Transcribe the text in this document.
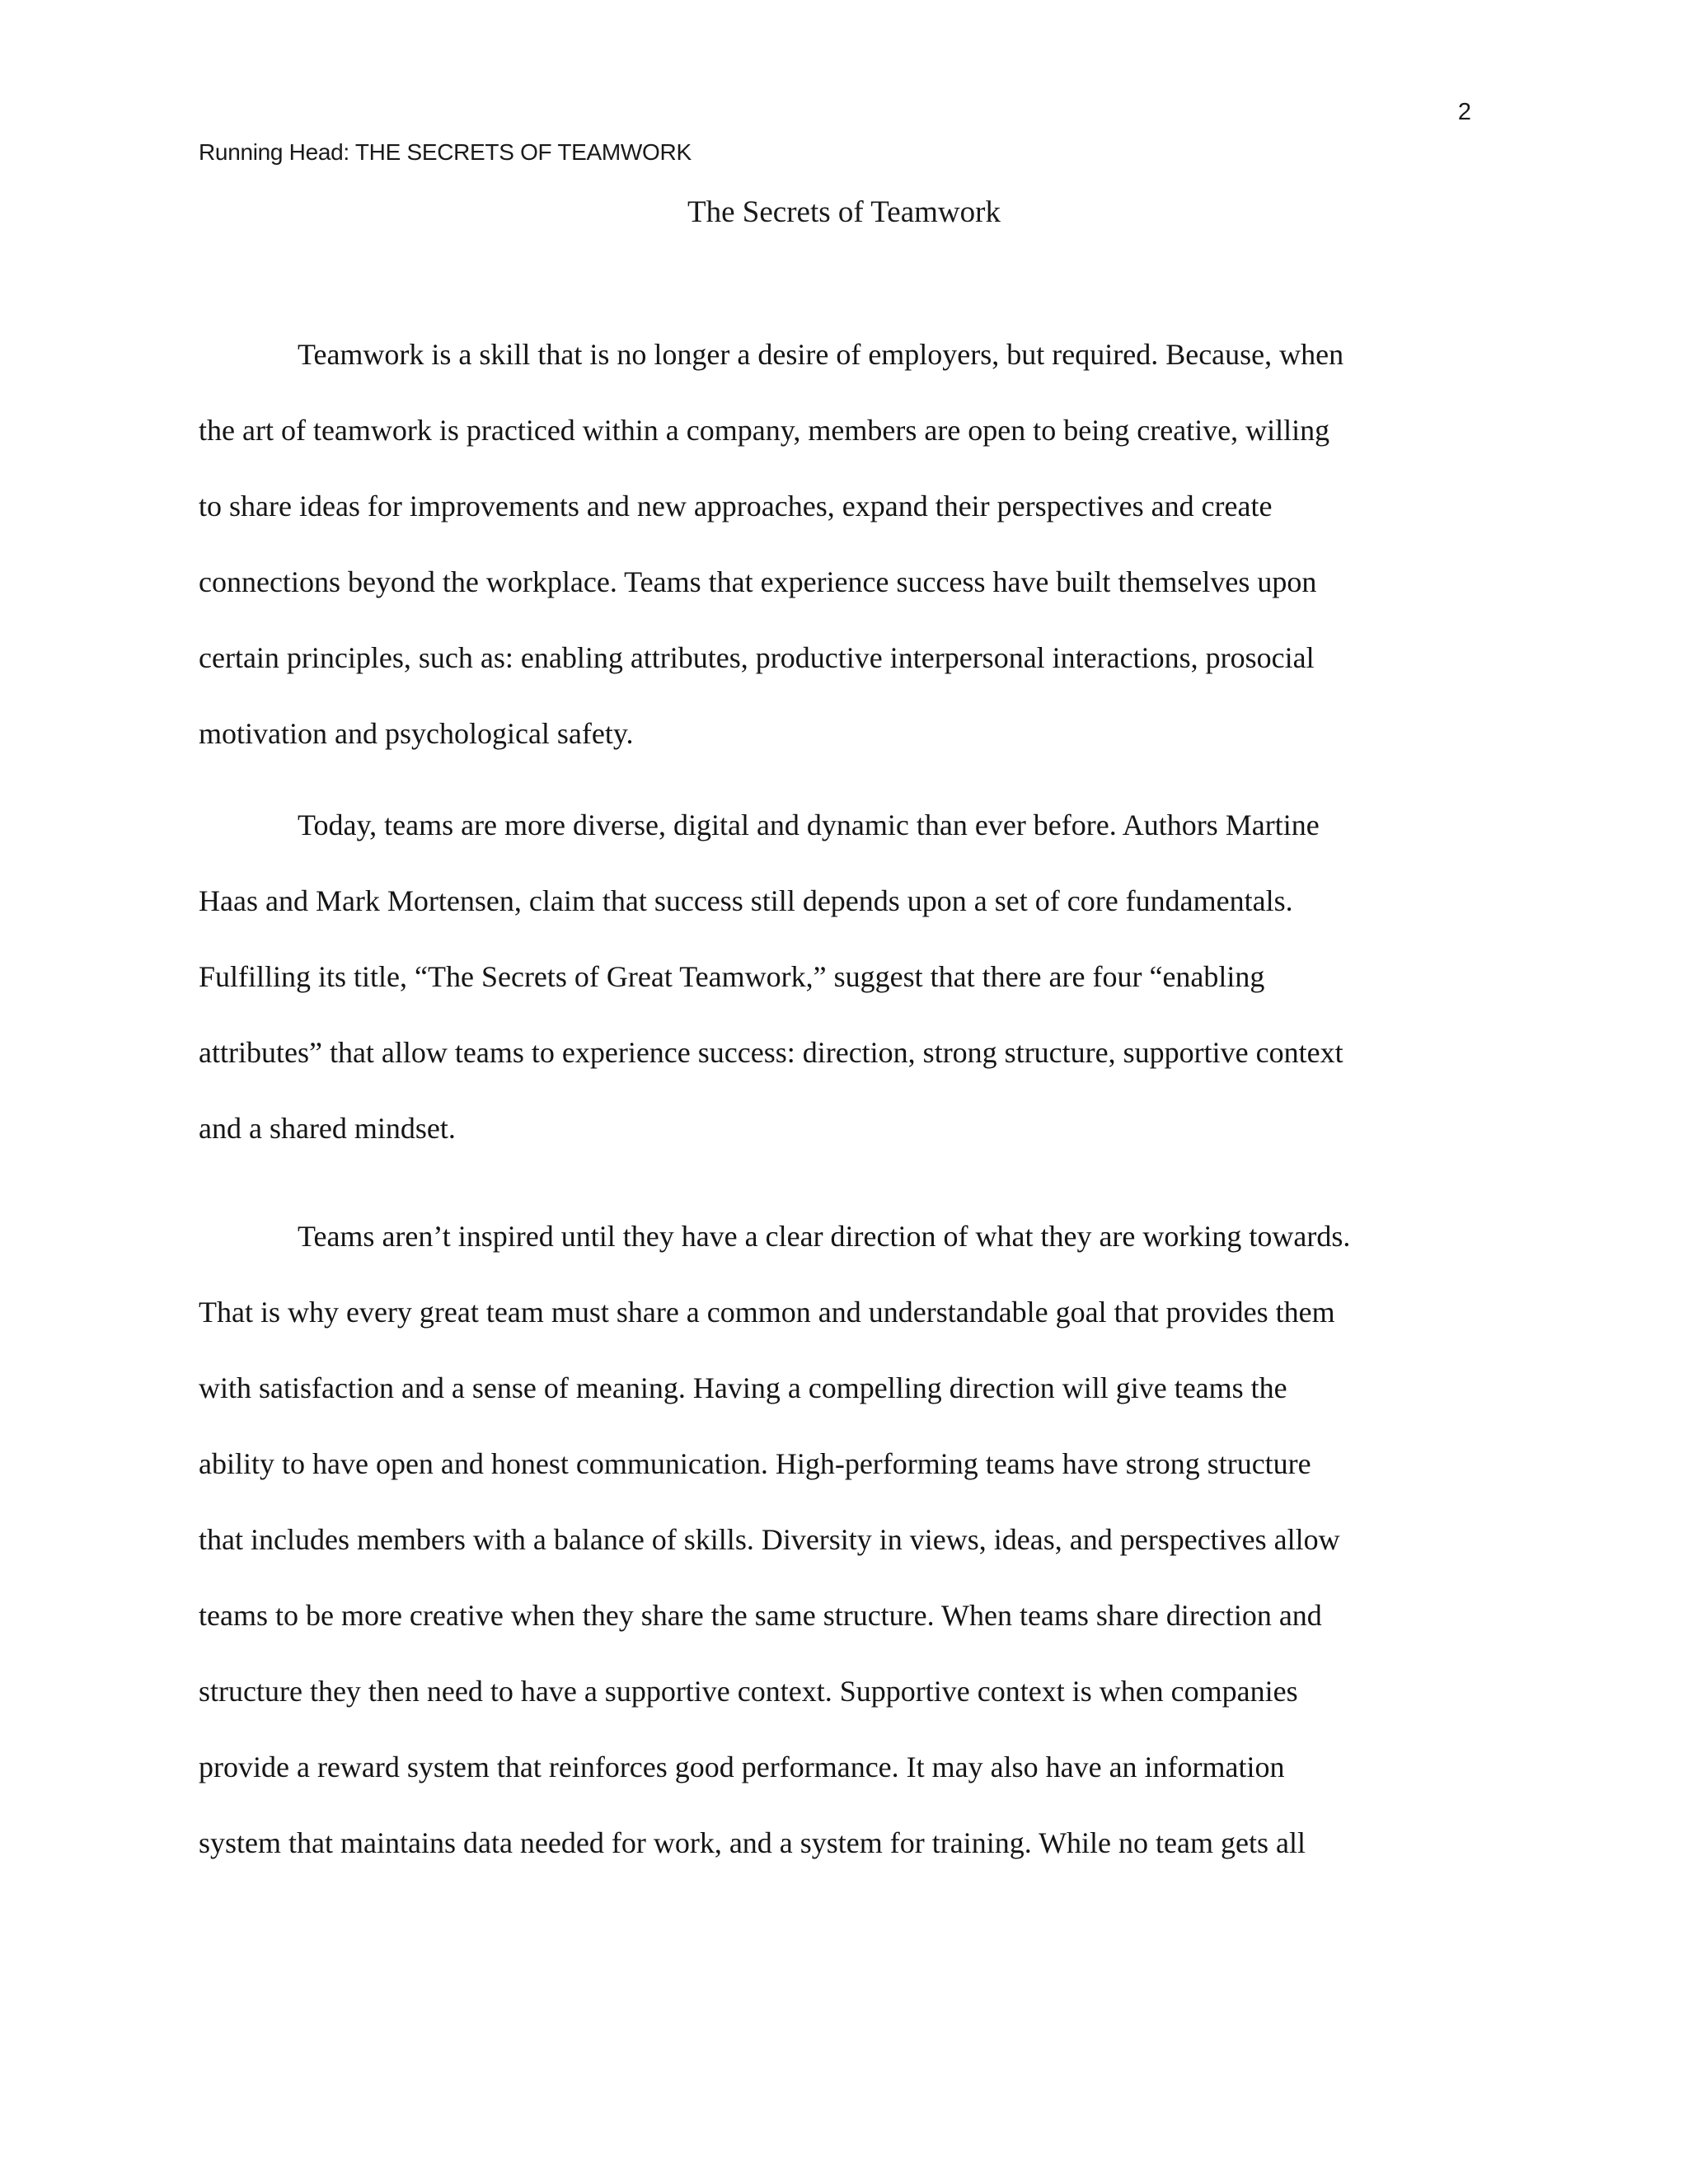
2
Running Head: THE SECRETS OF TEAMWORK
The Secrets of Teamwork
Teamwork is a skill that is no longer a desire of employers, but required. Because, when
the art of teamwork is practiced within a company, members are open to being creative, willing
to share ideas for improvements and new approaches, expand their perspectives and create
connections beyond the workplace. Teams that experience success have built themselves upon
certain principles, such as: enabling attributes, productive interpersonal interactions, prosocial
motivation and psychological safety.
Today, teams are more diverse, digital and dynamic than ever before. Authors Martine
Haas and Mark Mortensen, claim that success still depends upon a set of core fundamentals.
Fulfilling its title, “The Secrets of Great Teamwork,” suggest that there are four “enabling
attributes” that allow teams to experience success: direction, strong structure, supportive context
and a shared mindset.
Teams aren’t inspired until they have a clear direction of what they are working towards.
That is why every great team must share a common and understandable goal that provides them
with satisfaction and a sense of meaning. Having a compelling direction will give teams the
ability to have open and honest communication. High-performing teams have strong structure
that includes members with a balance of skills. Diversity in views, ideas, and perspectives allow
teams to be more creative when they share the same structure. When teams share direction and
structure they then need to have a supportive context. Supportive context is when companies
provide a reward system that reinforces good performance. It may also have an information
system that maintains data needed for work, and a system for training. While no team gets all
